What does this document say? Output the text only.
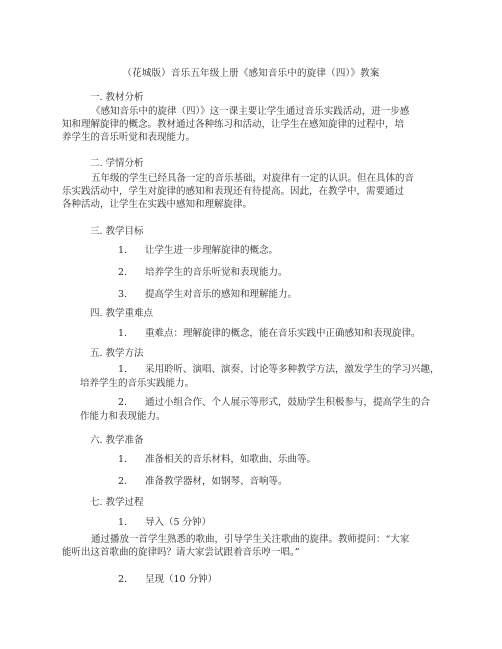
（花城版）音乐五年级上册《感知音乐中的旋律（四）》教案
一. 教材分析
《感知音乐中的旋律（四）》这一课主要让学生通过音乐实践活动，进一步感
知和理解旋律的概念。教材通过各种练习和活动，让学生在感知旋律的过程中，培
养学生的音乐听觉和表现能力。
二. 学情分析
五年级的学生已经具备一定的音乐基础，对旋律有一定的认识。但在具体的音
乐实践活动中，学生对旋律的感知和表现还有待提高。因此，在教学中，需要通过
各种活动，让学生在实践中感知和理解旋律。
三. 教学目标
1. 让学生进一步理解旋律的概念。
2. 培养学生的音乐听觉和表现能力。
3. 提高学生对音乐的感知和理解能力。
四. 教学重难点
1. 重难点：理解旋律的概念，能在音乐实践中正确感知和表现旋律。
五. 教学方法
1. 采用聆听、演唱、演奏、讨论等多种教学方法，激发学生的学习兴趣，
培养学生的音乐实践能力。
2. 通过小组合作、个人展示等形式，鼓励学生积极参与，提高学生的合
作能力和表现能力。
六. 教学准备
1. 准备相关的音乐材料，如歌曲、乐曲等。
2. 准备教学器材，如钢琴、音响等。
七. 教学过程
1. 导入（5 分钟）
通过播放一首学生熟悉的歌曲，引导学生关注歌曲的旋律。教师提问：“大家
能听出这首歌曲的旋律吗？请大家尝试跟着音乐哼一唱。”
2. 呈现（10 分钟）
